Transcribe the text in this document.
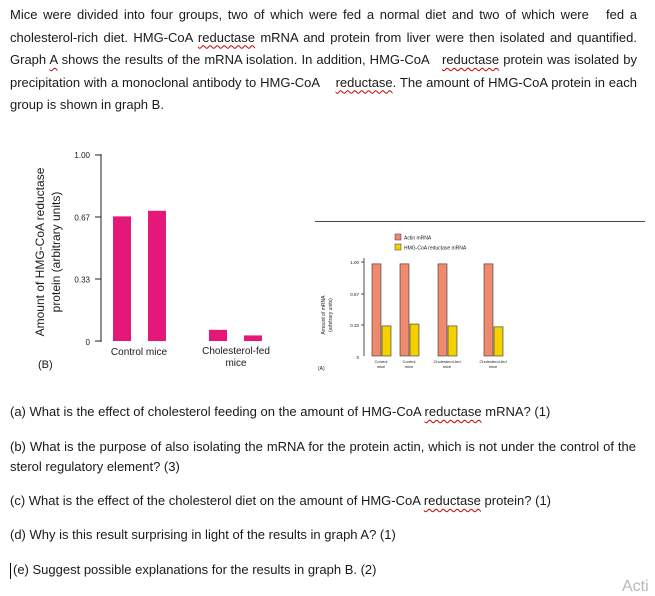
Mice were divided into four groups, two of which were fed a normal diet and two of which were fed a cholesterol-rich diet. HMG-CoA reductase mRNA and protein from liver were then isolated and quantified. Graph A shows the results of the mRNA isolation. In addition, HMG-CoA reductase protein was isolated by precipitation with a monoclonal antibody to HMG-CoA reductase. The amount of HMG-CoA protein in each group is shown in graph B.
Amount of HMG-CoA reductase protein (arbitrary units)
(B)
1.00
0.67
0.33
0
Control mice	Cholesterol-fed
mice
Amount of mRNA (arbitrary units)
(A)
1.00
0.67
0.33
0
Actin mRNA
HMG-CoA reductase mRNA
Control
mice
Control
mice
Cholesterol-fed
mice
Cholesterol-fed
mice
(a) What is the effect of cholesterol feeding on the amount of HMG-CoA reductase mRNA? (1)
(b) What is the purpose of also isolating the mRNA for the protein actin, which is not under the control of the sterol regulatory element? (3)
(c) What is the effect of the cholesterol diet on the amount of HMG-CoA reductase protein? (1)
(d) Why is this result surprising in light of the results in graph A? (1)
(e) Suggest possible explanations for the results in graph B. (2)
Acti
